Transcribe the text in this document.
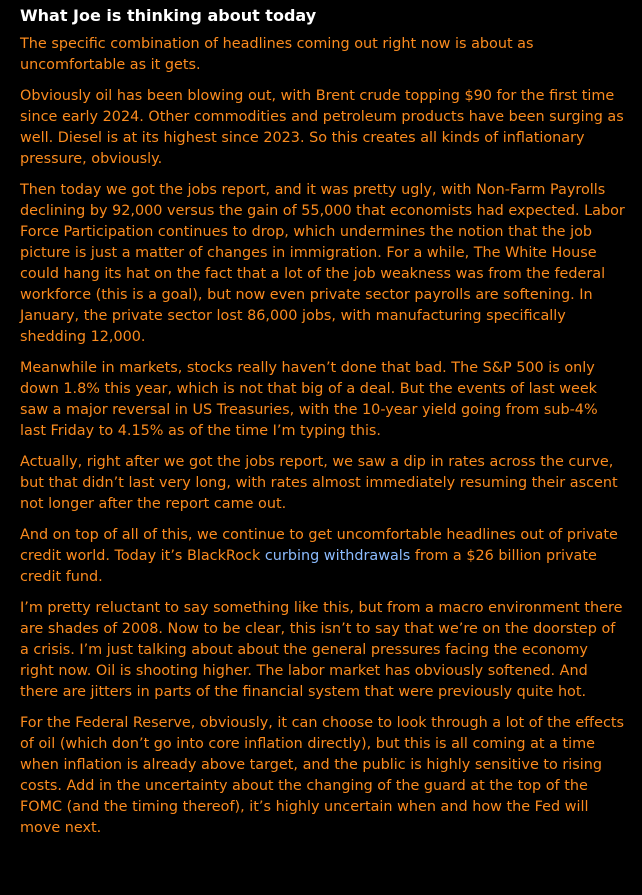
What Joe is thinking about today

The specific combination of headlines coming out right now is about as uncomfortable as it gets.

Obviously oil has been blowing out, with Brent crude topping $90 for the first time since early 2024. Other commodities and petroleum products have been surging as well. Diesel is at its highest since 2023. So this creates all kinds of inflationary pressure, obviously.

Then today we got the jobs report, and it was pretty ugly, with Non-Farm Payrolls declining by 92,000 versus the gain of 55,000 that economists had expected. Labor Force Participation continues to drop, which undermines the notion that the job picture is just a matter of changes in immigration. For a while, The White House could hang its hat on the fact that a lot of the job weakness was from the federal workforce (this is a goal), but now even private sector payrolls are softening. In January, the private sector lost 86,000 jobs, with manufacturing specifically shedding 12,000.

Meanwhile in markets, stocks really haven’t done that bad. The S&P 500 is only down 1.8% this year, which is not that big of a deal. But the events of last week saw a major reversal in US Treasuries, with the 10-year yield going from sub-4% last Friday to 4.15% as of the time I’m typing this.

Actually, right after we got the jobs report, we saw a dip in rates across the curve, but that didn’t last very long, with rates almost immediately resuming their ascent not longer after the report came out.

And on top of all of this, we continue to get uncomfortable headlines out of private credit world. Today it’s BlackRock curbing withdrawals from a $26 billion private credit fund.

I’m pretty reluctant to say something like this, but from a macro environment there are shades of 2008. Now to be clear, this isn’t to say that we’re on the doorstep of a crisis. I’m just talking about about the general pressures facing the economy right now. Oil is shooting higher. The labor market has obviously softened. And there are jitters in parts of the financial system that were previously quite hot.

For the Federal Reserve, obviously, it can choose to look through a lot of the effects of oil (which don’t go into core inflation directly), but this is all coming at a time when inflation is already above target, and the public is highly sensitive to rising costs. Add in the uncertainty about the changing of the guard at the top of the FOMC (and the timing thereof), it’s highly uncertain when and how the Fed will move next.
